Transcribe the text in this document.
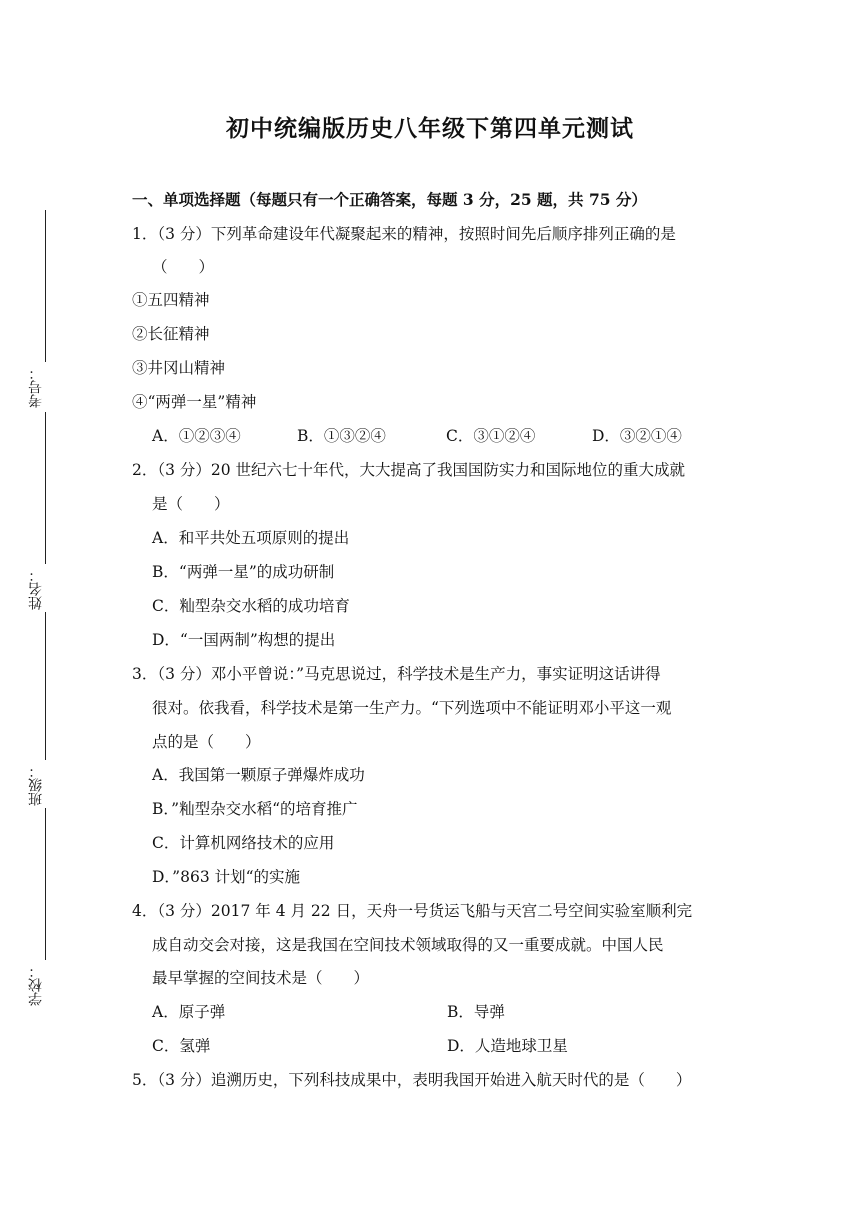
初中统编版历史八年级下第四单元测试
一、单项选择题（每题只有一个正确答案，每题 3 分，25 题，共 75 分）
考号：
姓名：
班级：
学校：
1．（3 分）下列革命建设年代凝聚起来的精神，按照时间先后顺序排列正确的是
（　　）
①五四精神
②长征精神
③井冈山精神
④“两弹一星”精神
A．①②③④	B．①③②④	C．③①②④	D．③②①④
2．（3 分）20 世纪六七十年代，大大提高了我国国防实力和国际地位的重大成就
是（　　）
A．和平共处五项原则的提出
B．“两弹一星”的成功研制
C．籼型杂交水稻的成功培育
D．“一国两制”构想的提出
3．（3 分）邓小平曾说：”马克思说过，科学技术是生产力，事实证明这话讲得
很对。依我看，科学技术是第一生产力。“下列选项中不能证明邓小平这一观
点的是（　　）
A．我国第一颗原子弹爆炸成功
B．”籼型杂交水稻“的培育推广
C．计算机网络技术的应用
D．”863 计划“的实施
4．（3 分）2017 年 4 月 22 日，天舟一号货运飞船与天宫二号空间实验室顺利完
成自动交会对接，这是我国在空间技术领域取得的又一重要成就。中国人民
最早掌握的空间技术是（　　）
A．原子弹	B．导弹
C．氢弹	D．人造地球卫星
5．（3 分）追溯历史，下列科技成果中，表明我国开始进入航天时代的是（　　）
